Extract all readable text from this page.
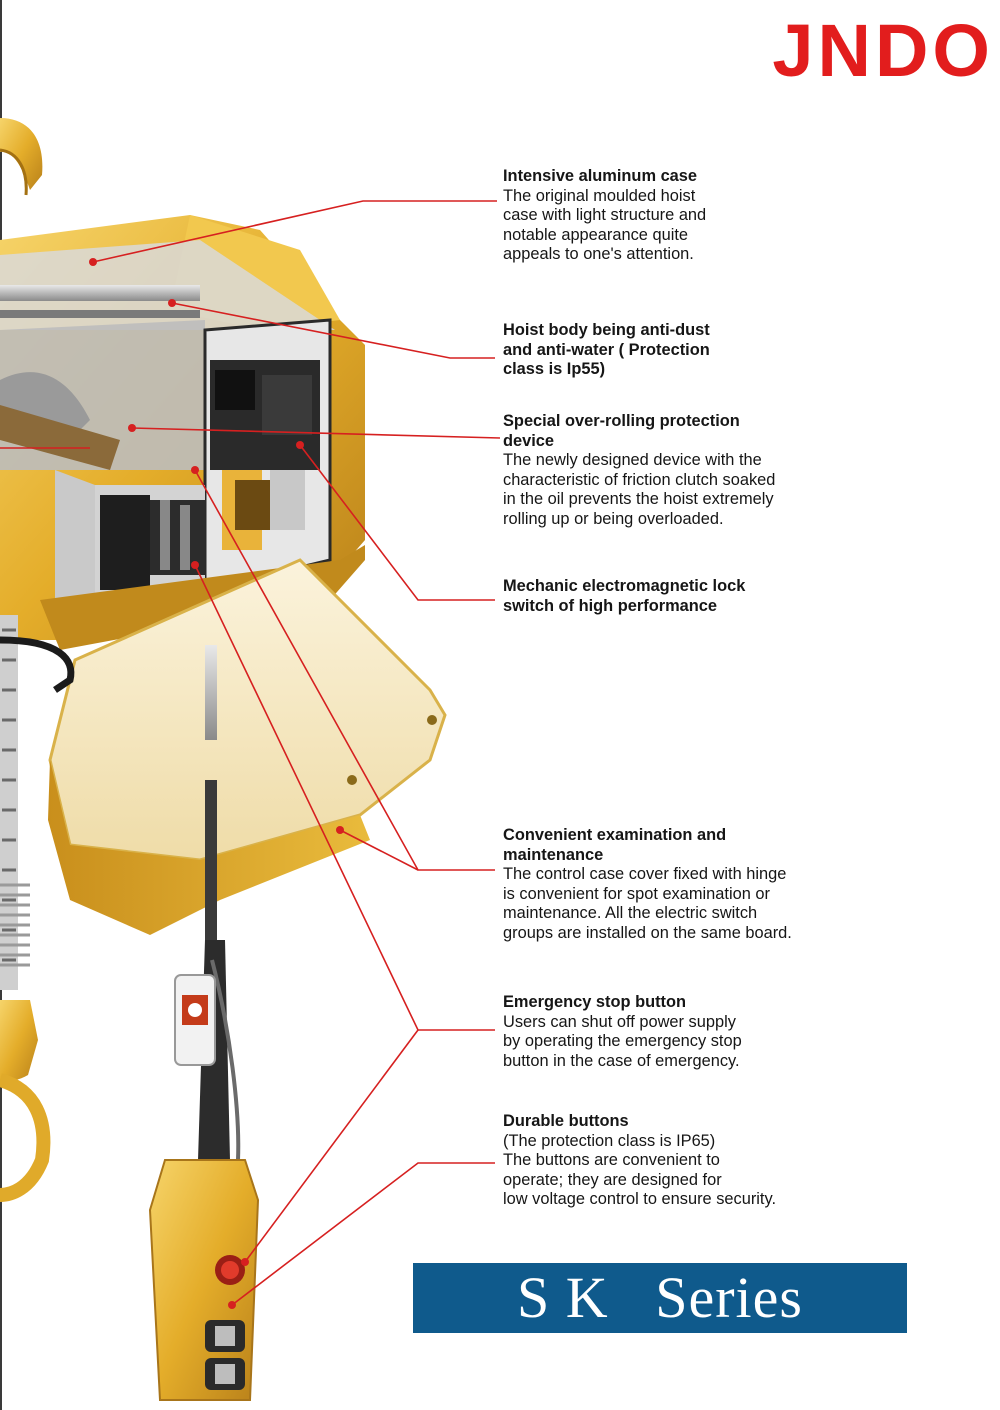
JNDO
Intensive aluminum case
The original moulded hoist
case with light structure and
notable appearance quite
appeals to one's attention.
Hoist body being anti-dust
and anti-water ( Protection
class is Ip55)
Special over-rolling protection
device
The newly designed device with the
characteristic of friction clutch soaked
in the oil prevents the hoist extremely
rolling up or being overloaded.
Mechanic electromagnetic lock
switch of high performance
Convenient examination and
maintenance
The control case cover fixed with hinge
is convenient for spot examination or
maintenance. All the electric switch
groups are installed on the same board.
Emergency stop button
Users can shut off power supply
by operating the emergency stop
button in the case of emergency.
Durable buttons
(The protection class is IP65)
The buttons are convenient to
operate; they are designed for
low voltage control to ensure security.
S K   Series
